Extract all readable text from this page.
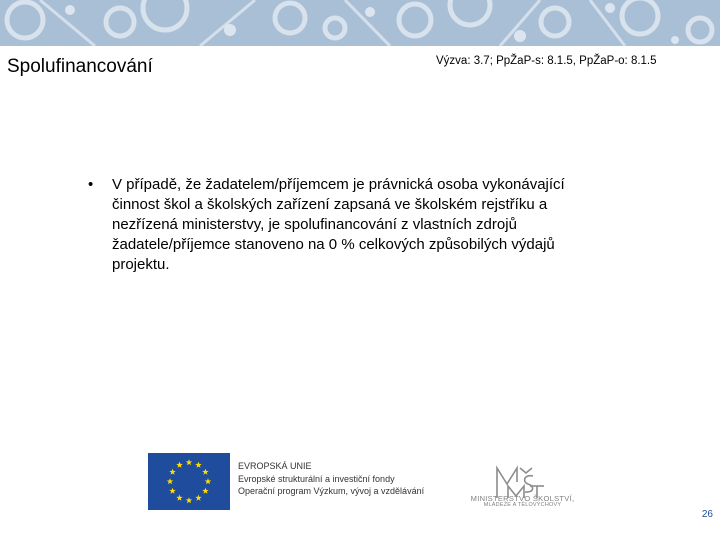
Spolufinancování	Výzva: 3.7; PpŽaP-s: 8.1.5, PpŽaP-o: 8.1.5
• V případě, že žadatelem/příjemcem je právnická osoba vykonávající
činnost škol a školských zařízení zapsaná ve školském rejstříku a
nezřízená ministerstvy, je spolufinancování z vlastních zdrojů
žadatele/příjemce stanoveno na 0 % celkových způsobilých výdajů
projektu.
EVROPSKÁ UNIE
Evropské strukturální a investiční fondy
Operační program Výzkum, vývoj a vzdělávání
MINISTERSTVO ŠKOLSTVÍ,
MLÁDEŽE A TĚLOVÝCHOVY
26
